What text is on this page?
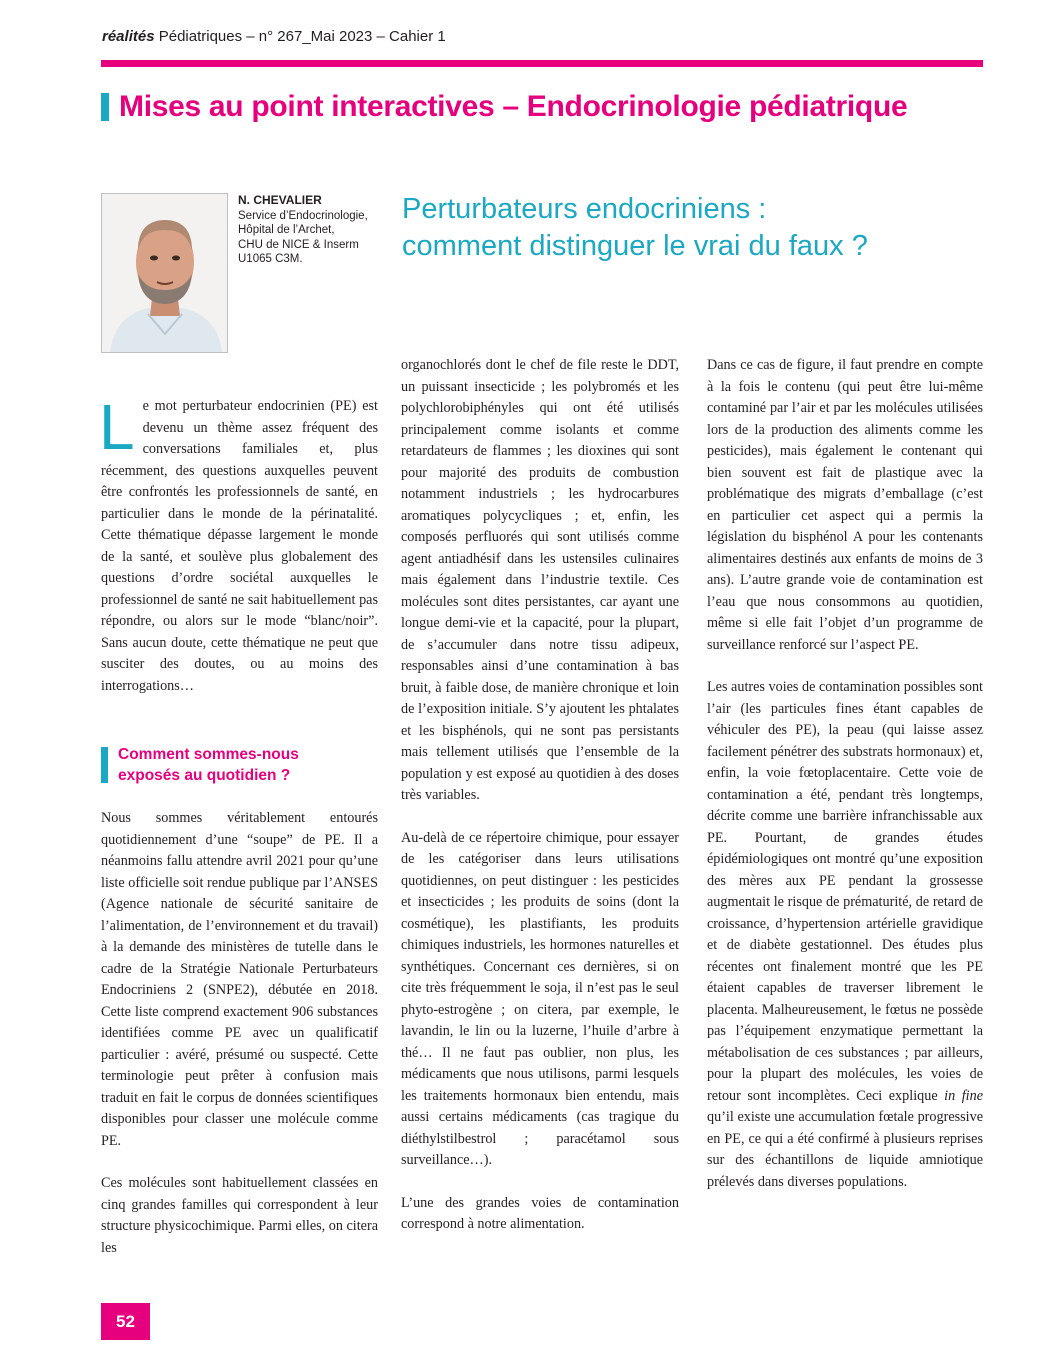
réalités Pédiatriques – n° 267_Mai 2023 – Cahier 1
Mises au point interactives – Endocrinologie pédiatrique
N. CHEVALIER
Service d’Endocrinologie,
Hôpital de l’Archet,
CHU de NICE & Inserm
U1065 C3M.
Perturbateurs endocriniens :
comment distinguer le vrai du faux ?
Le mot perturbateur endocrinien (PE) est devenu un thème assez fréquent des conversations familiales et, plus récemment, des questions auxquelles peuvent être confrontés les professionnels de santé, en particulier dans le monde de la périnatalité. Cette thématique dépasse largement le monde de la santé, et soulève plus globalement des questions d’ordre sociétal auxquelles le professionnel de santé ne sait habituellement pas répondre, ou alors sur le mode “blanc/noir”. Sans aucun doute, cette thématique ne peut que susciter des doutes, ou au moins des interrogations…
Comment sommes-nous
exposés au quotidien ?

Nous sommes véritablement entourés quotidiennement d’une “soupe” de PE. Il a néanmoins fallu attendre avril 2021 pour qu’une liste officielle soit rendue publique par l’ANSES (Agence nationale de sécurité sanitaire de l’alimentation, de l’environnement et du travail) à la demande des ministères de tutelle dans le cadre de la Stratégie Nationale Perturbateurs Endocriniens 2 (SNPE2), débutée en 2018. Cette liste comprend exactement 906 substances identifiées comme PE avec un qualificatif particulier : avéré, présumé ou suspecté. Cette terminologie peut prêter à confusion mais traduit en fait le corpus de données scientifiques disponibles pour classer une molécule comme PE.

Ces molécules sont habituellement classées en cinq grandes familles qui correspondent à leur structure physicochimique. Parmi elles, on citera les

organochlorés dont le chef de file reste le DDT, un puissant insecticide ; les polybromés et les polychlorobiphényles qui ont été utilisés principalement comme isolants et comme retardateurs de flammes ; les dioxines qui sont pour majorité des produits de combustion notamment industriels ; les hydrocarbures aromatiques polycycliques ; et, enfin, les composés perfluorés qui sont utilisés comme agent antiadhésif dans les ustensiles culinaires mais également dans l’industrie textile. Ces molécules sont dites persistantes, car ayant une longue demi-vie et la capacité, pour la plupart, de s’accumuler dans notre tissu adipeux, responsables ainsi d’une contamination à bas bruit, à faible dose, de manière chronique et loin de l’exposition initiale. S’y ajoutent les phtalates et les bisphénols, qui ne sont pas persistants mais tellement utilisés que l’ensemble de la population y est exposé au quotidien à des doses très variables.

Au-delà de ce répertoire chimique, pour essayer de les catégoriser dans leurs utilisations quotidiennes, on peut distinguer : les pesticides et insecticides ; les produits de soins (dont la cosmétique), les plastifiants, les produits chimiques industriels, les hormones naturelles et synthétiques. Concernant ces dernières, si on cite très fréquemment le soja, il n’est pas le seul phyto-estrogène ; on citera, par exemple, le lavandin, le lin ou la luzerne, l’huile d’arbre à thé… Il ne faut pas oublier, non plus, les médicaments que nous utilisons, parmi lesquels les traitements hormonaux bien entendu, mais aussi certains médicaments (cas tragique du diéthylstilbestrol ; paracétamol sous surveillance…).

L’une des grandes voies de contamination correspond à notre alimentation.

Dans ce cas de figure, il faut prendre en compte à la fois le contenu (qui peut être lui-même contaminé par l’air et par les molécules utilisées lors de la production des aliments comme les pesticides), mais également le contenant qui bien souvent est fait de plastique avec la problématique des migrats d’emballage (c’est en particulier cet aspect qui a permis la législation du bisphénol A pour les contenants alimentaires destinés aux enfants de moins de 3 ans). L’autre grande voie de contamination est l’eau que nous consommons au quotidien, même si elle fait l’objet d’un programme de surveillance renforcé sur l’aspect PE.

Les autres voies de contamination possibles sont l’air (les particules fines étant capables de véhiculer des PE), la peau (qui laisse assez facilement pénétrer des substrats hormonaux) et, enfin, la voie fœtoplacentaire. Cette voie de contamination a été, pendant très longtemps, décrite comme une barrière infranchissable aux PE. Pourtant, de grandes études épidémiologiques ont montré qu’une exposition des mères aux PE pendant la grossesse augmentait le risque de prématurité, de retard de croissance, d’hypertension artérielle gravidique et de diabète gestationnel. Des études plus récentes ont finalement montré que les PE étaient capables de traverser librement le placenta. Malheureusement, le fœtus ne possède pas l’équipement enzymatique permettant la métabolisation de ces substances ; par ailleurs, pour la plupart des molécules, les voies de retour sont incomplètes. Ceci explique in fine qu’il existe une accumulation fœtale progressive en PE, ce qui a été confirmé à plusieurs reprises sur des échantillons de liquide amniotique prélevés dans diverses populations.

52
